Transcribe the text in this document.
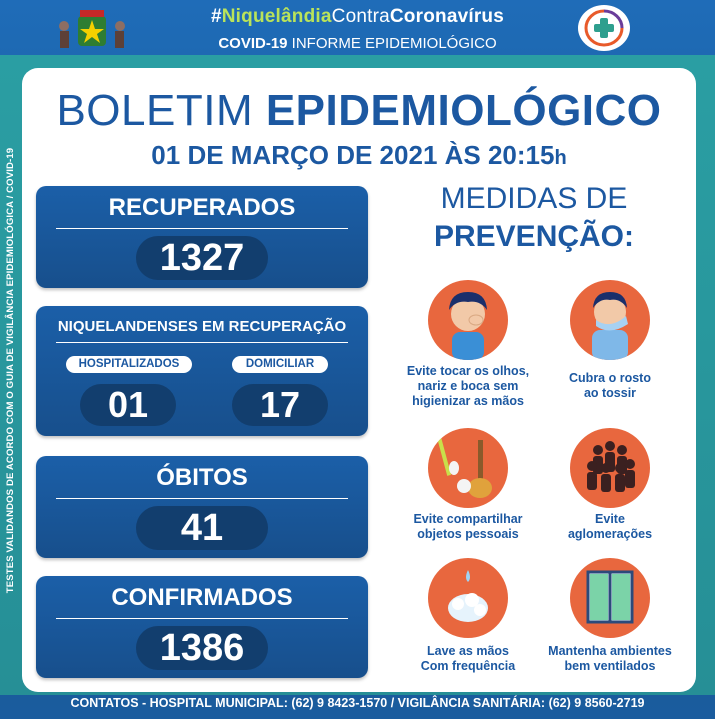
TESTES VALIDANDOS DE ACORDO COM O GUIA DE VIGILÂNCIA EPIDEMIOLÓGICA / COVID-19
#NiquelândiaContraCoronavírus
COVID-19 INFORME EPIDEMIOLÓGICO
BOLETIM EPIDEMIOLÓGICO
01 DE MARÇO DE 2021 ÀS 20:15h
RECUPERADOS
1327
NIQUELANDENSES EM RECUPERAÇÃO
HOSPITALIZADOS	DOMICILIAR
01	17
ÓBITOS
41
CONFIRMADOS
1386
MEDIDAS DE
PREVENÇÃO:
Evite tocar os olhos,
nariz e boca sem
higienizar as mãos
Cubra o rosto
ao tossir
Evite compartilhar
objetos pessoais
Evite
aglomerações
Lave as mãos
Com frequência
Mantenha ambientes
bem ventilados
CONTATOS - HOSPITAL MUNICIPAL: (62) 9 8423-1570 / VIGILÂNCIA SANITÁRIA: (62) 9 8560-2719
